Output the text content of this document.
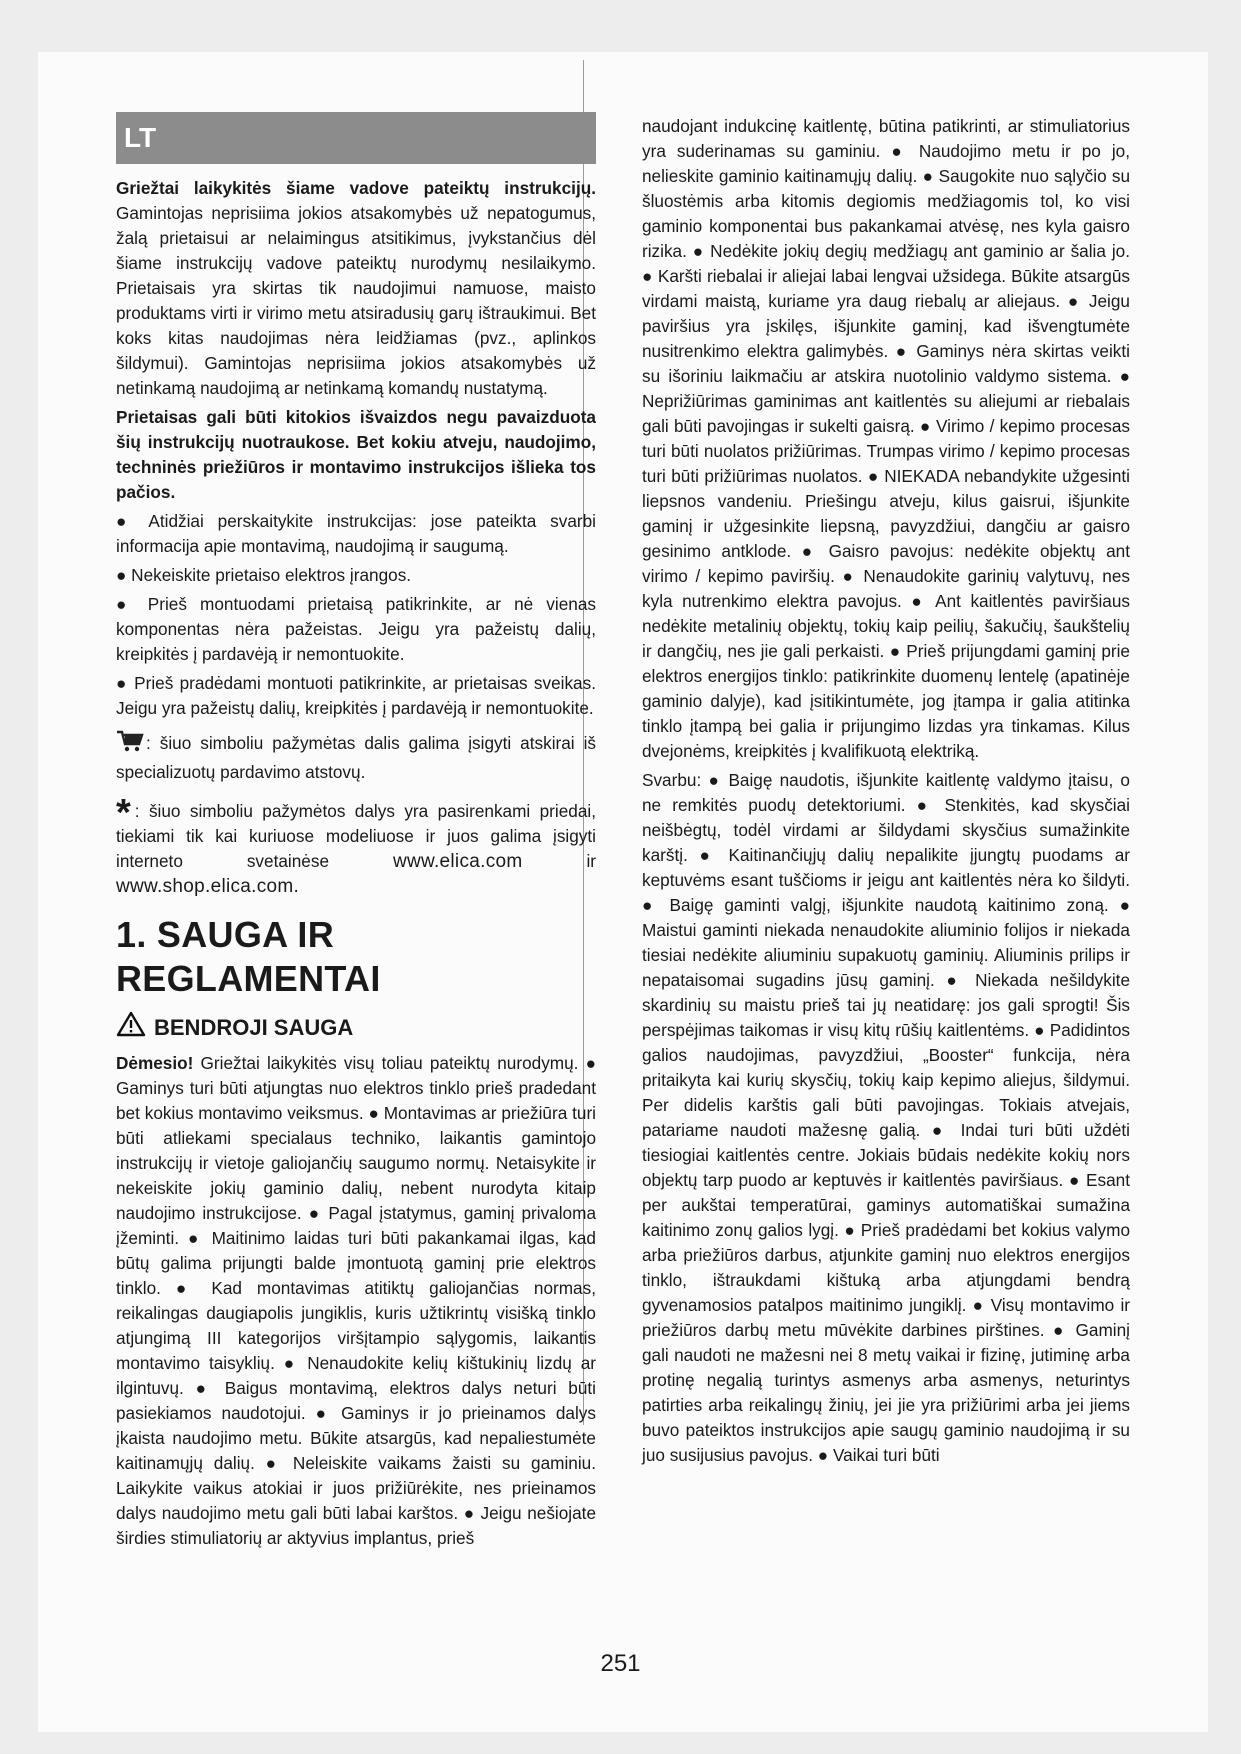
LT

Griežtai laikykitės šiame vadove pateiktų instrukcijų. Gamintojas neprisiima jokios atsakomybės už nepatogumus, žalą prietaisui ar nelaimingus atsitikimus, įvykstančius dėl šiame instrukcijų vadove pateiktų nurodymų nesilaikymo. Prietaisais yra skirtas tik naudojimui namuose, maisto produktams virti ir virimo metu atsiradusių garų ištraukimui. Bet koks kitas naudojimas nėra leidžiamas (pvz., aplinkos šildymui). Gamintojas neprisiima jokios atsakomybės už netinkamą naudojimą ar netinkamą komandų nustatymą.

Prietaisas gali būti kitokios išvaizdos negu pavaizduota šių instrukcijų nuotraukose. Bet kokiu atveju, naudojimo, techninės priežiūros ir montavimo instrukcijos išlieka tos pačios.

● Atidžiai perskaitykite instrukcijas: jose pateikta svarbi informacija apie montavimą, naudojimą ir saugumą.

● Nekeiskite prietaiso elektros įrangos.

● Prieš montuodami prietaisą patikrinkite, ar nė vienas komponentas nėra pažeistas. Jeigu yra pažeistų dalių, kreipkitės į pardavėją ir nemontuokite.

● Prieš pradėdami montuoti patikrinkite, ar prietaisas sveikas. Jeigu yra pažeistų dalių, kreipkitės į pardavėją ir nemontuokite.

: šiuo simboliu pažymėtas dalis galima įsigyti atskirai iš specializuotų pardavimo atstovų.
* : šiuo simboliu pažymėtos dalys yra pasirenkami priedai, tiekiami tik kai kuriuose modeliuose ir juos galima įsigyti interneto svetainėse www.elica.com ir www.shop.elica.com.
1. SAUGA IR REGLAMENTAI
BENDROJI SAUGA

Dėmesio! Griežtai laikykitės visų toliau pateiktų nurodymų. ● Gaminys turi būti atjungtas nuo elektros tinklo prieš pradedant bet kokius montavimo veiksmus. ● Montavimas ar priežiūra turi būti atliekami specialaus techniko, laikantis gamintojo instrukcijų ir vietoje galiojančių saugumo normų. Netaisykite ir nekeiskite jokių gaminio dalių, nebent nurodyta kitaip naudojimo instrukcijose. ● Pagal įstatymus, gaminį privaloma įžeminti. ● Maitinimo laidas turi būti pakankamai ilgas, kad būtų galima prijungti balde įmontuotą gaminį prie elektros tinklo. ● Kad montavimas atitiktų galiojančias normas, reikalingas daugiapolis jungiklis, kuris užtikrintų visišką tinklo atjungimą III kategorijos viršįtampio sąlygomis, laikantis montavimo taisyklių. ● Nenaudokite kelių kištukinių lizdų ar ilgintuvų. ● Baigus montavimą, elektros dalys neturi būti pasiekiamos naudotojui. ● Gaminys ir jo prieinamos dalys įkaista naudojimo metu. Būkite atsargūs, kad nepaliestumėte kaitinamųjų dalių. ● Neleiskite vaikams žaisti su gaminiu. Laikykite vaikus atokiai ir juos prižiūrėkite, nes prieinamos dalys naudojimo metu gali būti labai karštos. ● Jeigu nešiojate širdies stimuliatorių ar aktyvius implantus, prieš

naudojant indukcinę kaitlentę, būtina patikrinti, ar stimuliatorius yra suderinamas su gaminiu. ● Naudojimo metu ir po jo, nelieskite gaminio kaitinamųjų dalių. ● Saugokite nuo sąlyčio su šluostėmis arba kitomis degiomis medžiagomis tol, ko visi gaminio komponentai bus pakankamai atvėsę, nes kyla gaisro rizika. ● Nedėkite jokių degių medžiagų ant gaminio ar šalia jo. ● Karšti riebalai ir aliejai labai lengvai užsidega. Būkite atsargūs virdami maistą, kuriame yra daug riebalų ar aliejaus. ● Jeigu paviršius yra įskilęs, išjunkite gaminį, kad išvengtumėte nusitrenkimo elektra galimybės. ● Gaminys nėra skirtas veikti su išoriniu laikmačiu ar atskira nuotolinio valdymo sistema. ● Neprižiūrimas gaminimas ant kaitlentės su aliejumi ar riebalais gali būti pavojingas ir sukelti gaisrą. ● Virimo / kepimo procesas turi būti nuolatos prižiūrimas. Trumpas virimo / kepimo procesas turi būti prižiūrimas nuolatos. ● NIEKADA nebandykite užgesinti liepsnos vandeniu. Priešingu atveju, kilus gaisrui, išjunkite gaminį ir užgesinkite liepsną, pavyzdžiui, dangčiu ar gaisro gesinimo antklode. ● Gaisro pavojus: nedėkite objektų ant virimo / kepimo paviršių. ● Nenaudokite garinių valytuvų, nes kyla nutrenkimo elektra pavojus. ● Ant kaitlentės paviršiaus nedėkite metalinių objektų, tokių kaip peilių, šakučių, šaukštelių ir dangčių, nes jie gali perkaisti. ● Prieš prijungdami gaminį prie elektros energijos tinklo: patikrinkite duomenų lentelę (apatinėje gaminio dalyje), kad įsitikintumėte, jog įtampa ir galia atitinka tinklo įtampą bei galia ir prijungimo lizdas yra tinkamas. Kilus dvejonėms, kreipkitės į kvalifikuotą elektriką.

Svarbu: ● Baigę naudotis, išjunkite kaitlentę valdymo įtaisu, o ne remkitės puodų detektoriumi. ● Stenkitės, kad skysčiai neišbėgtų, todėl virdami ar šildydami skysčius sumažinkite karštį. ● Kaitinančiųjų dalių nepalikite įjungtų puodams ar keptuvėms esant tuščioms ir jeigu ant kaitlentės nėra ko šildyti. ● Baigę gaminti valgį, išjunkite naudotą kaitinimo zoną. ● Maistui gaminti niekada nenaudokite aliuminio folijos ir niekada tiesiai nedėkite aliuminiu supakuotų gaminių. Aliuminis prilips ir nepataisomai sugadins jūsų gaminį. ● Niekada nešildykite skardinių su maistu prieš tai jų neatidarę: jos gali sprogti! Šis perspėjimas taikomas ir visų kitų rūšių kaitlentėms. ● Padidintos galios naudojimas, pavyzdžiui, „Booster“ funkcija, nėra pritaikyta kai kurių skysčių, tokių kaip kepimo aliejus, šildymui. Per didelis karštis gali būti pavojingas. Tokiais atvejais, patariame naudoti mažesnę galią. ● Indai turi būti uždėti tiesiogiai kaitlentės centre. Jokiais būdais nedėkite kokių nors objektų tarp puodo ar keptuvės ir kaitlentės paviršiaus. ● Esant per aukštai temperatūrai, gaminys automatiškai sumažina kaitinimo zonų galios lygį. ● Prieš pradėdami bet kokius valymo arba priežiūros darbus, atjunkite gaminį nuo elektros energijos tinklo, ištraukdami kištuką arba atjungdami bendrą gyvenamosios patalpos maitinimo jungiklį. ● Visų montavimo ir priežiūros darbų metu mūvėkite darbines pirštines. ● Gaminį gali naudoti ne mažesni nei 8 metų vaikai ir fizinę, jutiminę arba protinę negalią turintys asmenys arba asmenys, neturintys patirties arba reikalingų žinių, jei jie yra prižiūrimi arba jei jiems buvo pateiktos instrukcijos apie saugų gaminio naudojimą ir su juo susijusius pavojus. ● Vaikai turi būti

251
